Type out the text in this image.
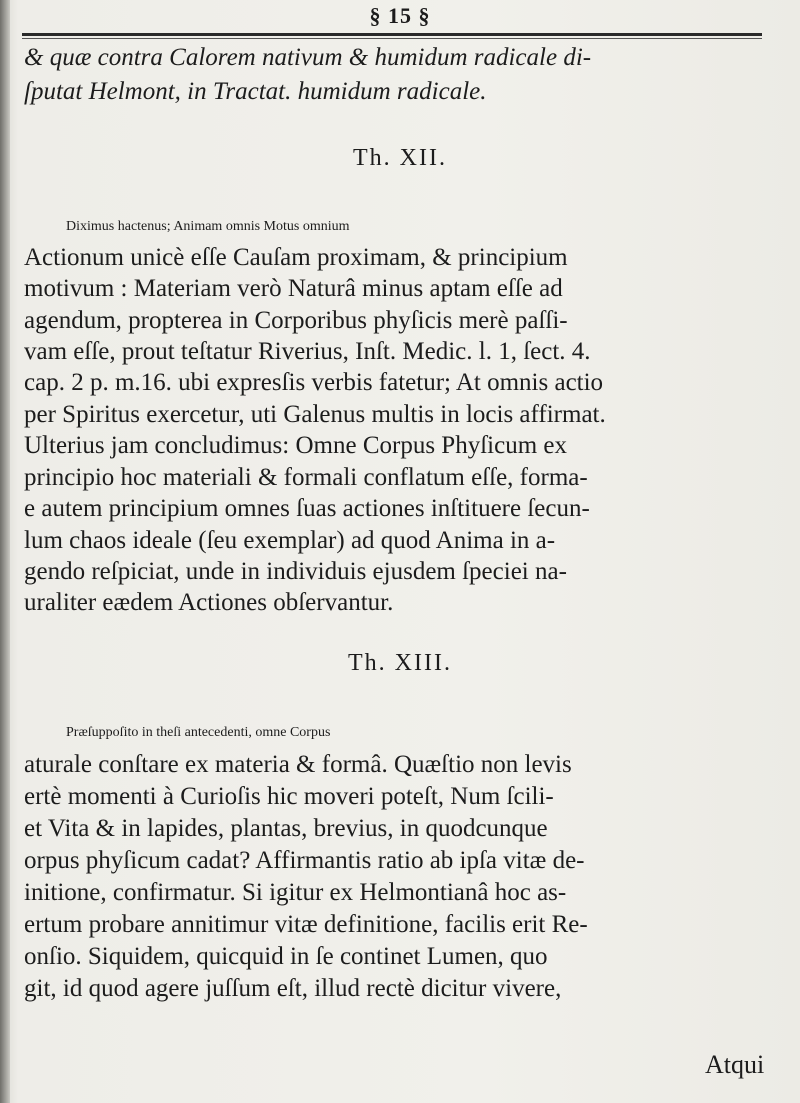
§ 15 §
& quæ contra Calorem nativum & humidum radicale di-
ſputat Helmont, in Tractat. humidum radicale.
Th. XII.
Diximus hactenus; Animam omnis Motus omnium
Actionum unicè eſſe Cauſam proximam, & principium
motivum : Materiam verò Naturâ minus aptam eſſe ad
agendum, propterea in Corporibus phyſicis merè paſſi-
vam eſſe, prout teſtatur Riverius, Inſt. Medic. l. 1, ſect. 4.
cap. 2 p. m.16. ubi expresſis verbis fatetur; At omnis actio
per Spiritus exercetur, uti Galenus multis in locis affirmat.
Ulterius jam concludimus: Omne Corpus Phyſicum ex
principio hoc materiali & formali conflatum eſſe, forma-
e autem principium omnes ſuas actiones inſtituere ſecun-
lum chaos ideale (ſeu exemplar) ad quod Anima in a-
gendo reſpiciat, unde in individuis ejusdem ſpeciei na-
uraliter eædem Actiones obſervantur.
Th. XIII.
Præſuppoſito in theſi antecedenti, omne Corpus
aturale conſtare ex materia & formâ. Quæſtio non levis
ertè momenti à Curioſis hic moveri poteſt, Num ſcili-
et Vita & in lapides, plantas, brevius, in quodcunque
orpus phyſicum cadat? Affirmantis ratio ab ipſa vitæ de-
initione, confirmatur. Si igitur ex Helmontianâ hoc as-
ertum probare annitimur vitæ definitione, facilis erit Re-
onſio. Siquidem, quicquid in ſe continet Lumen, quo
git, id quod agere juſſum eſt, illud rectè dicitur vivere,
Atqui
